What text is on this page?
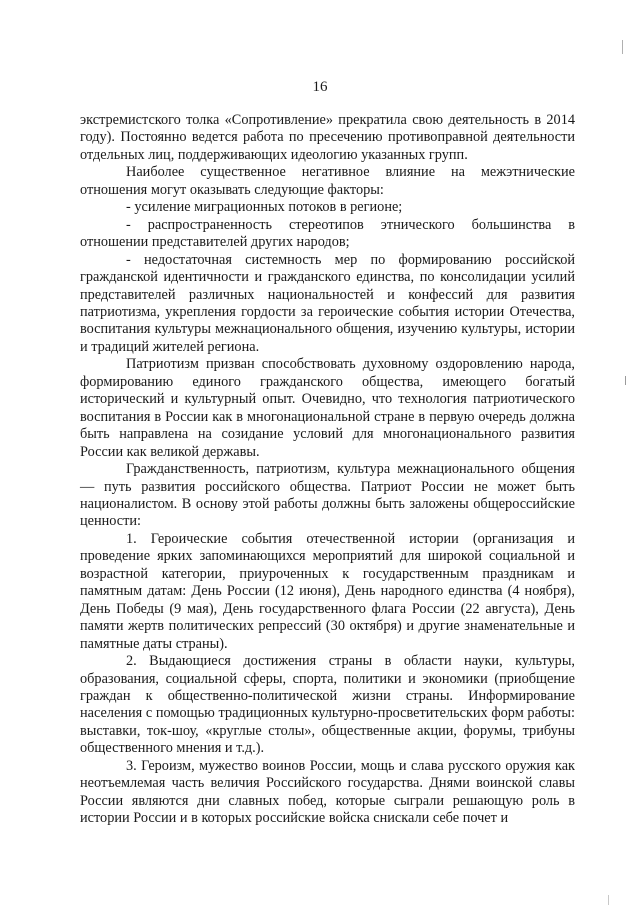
16

экстремистского толка «Сопротивление» прекратила свою деятельность в 2014 году). Постоянно ведется работа по пресечению противоправной деятельности отдельных лиц, поддерживающих идеологию указанных групп.

Наиболее существенное негативное влияние на межэтнические отношения могут оказывать следующие факторы:

- усиление миграционных потоков в регионе;

- распространенность стереотипов этнического большинства в отношении представителей других народов;

- недостаточная системность мер по формированию российской гражданской идентичности и гражданского единства, по консолидации усилий представителей различных национальностей и конфессий для развития патриотизма, укрепления гордости за героические события истории Отечества, воспитания культуры межнационального общения, изучению культуры, истории и традиций жителей региона.

Патриотизм призван способствовать духовному оздоровлению народа, формированию единого гражданского общества, имеющего богатый исторический и культурный опыт. Очевидно, что технология патриотического воспитания в России как в многонациональной стране в первую очередь должна быть направлена на созидание условий для многонационального развития России как великой державы.

Гражданственность, патриотизм, культура межнационального общения — путь развития российского общества. Патриот России не может быть националистом. В основу этой работы должны быть заложены общероссийские ценности:

1. Героические события отечественной истории (организация и проведение ярких запоминающихся мероприятий для широкой социальной и возрастной категории, приуроченных к государственным праздникам и памятным датам: День России (12 июня), День народного единства (4 ноября), День Победы (9 мая), День государственного флага России (22 августа), День памяти жертв политических репрессий (30 октября) и другие знаменательные и памятные даты страны).

2. Выдающиеся достижения страны в области науки, культуры, образования, социальной сферы, спорта, политики и экономики (приобщение граждан к общественно-политической жизни страны. Информирование населения с помощью традиционных культурно-просветительских форм работы: выставки, ток-шоу, «круглые столы», общественные акции, форумы, трибуны общественного мнения и т.д.).

3. Героизм, мужество воинов России, мощь и слава русского оружия как неотъемлемая часть величия Российского государства. Днями воинской славы России являются дни славных побед, которые сыграли решающую роль в истории России и в которых российские войска снискали себе почет и
